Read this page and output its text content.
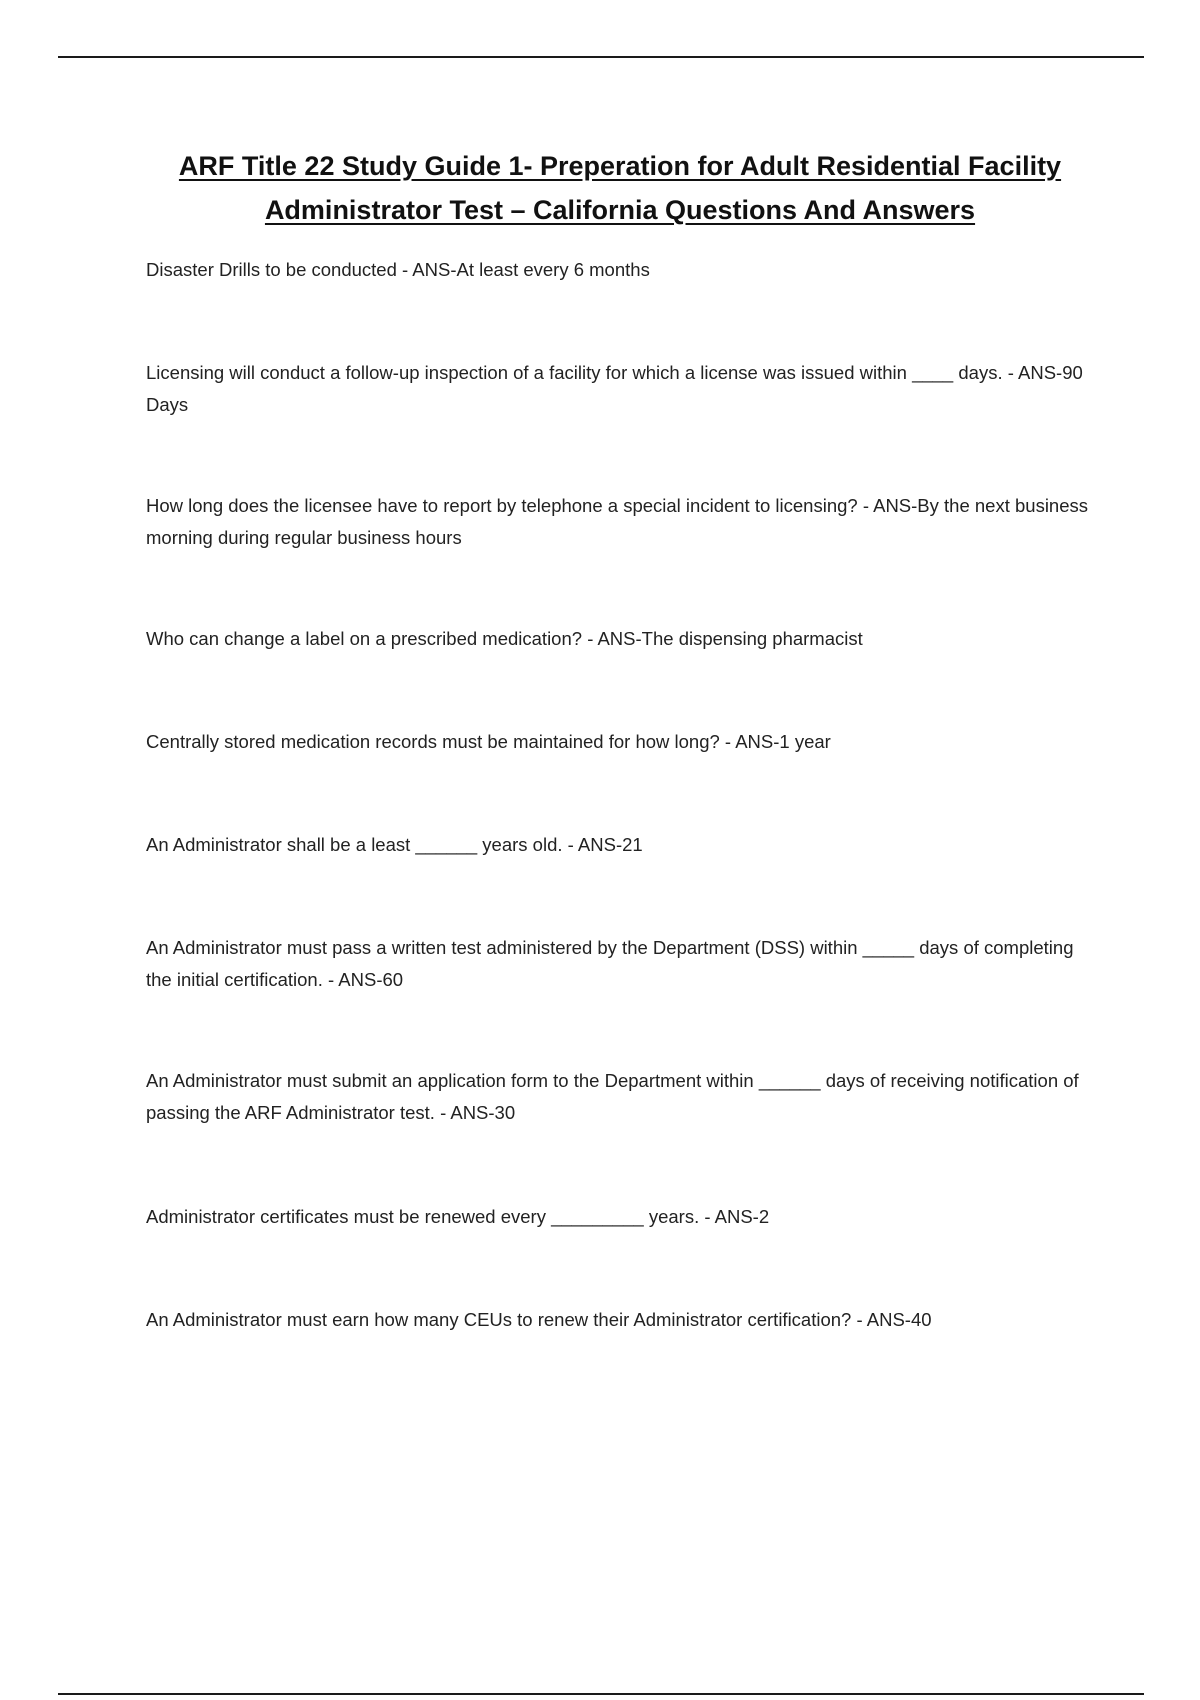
ARF Title 22 Study Guide 1- Preperation for Adult Residential Facility
Administrator Test – California Questions And Answers

Disaster Drills to be conducted - ANS-At least every 6 months

Licensing will conduct a follow-up inspection of a facility for which a license was issued within ____ days. - ANS-90 Days

How long does the licensee have to report by telephone a special incident to licensing? - ANS-By the next business morning during regular business hours

Who can change a label on a prescribed medication? - ANS-The dispensing pharmacist

Centrally stored medication records must be maintained for how long? - ANS-1 year

An Administrator shall be a least ______ years old. - ANS-21

An Administrator must pass a written test administered by the Department (DSS) within _____ days of completing the initial certification. - ANS-60

An Administrator must submit an application form to the Department within ______ days of receiving notification of passing the ARF Administrator test. - ANS-30

Administrator certificates must be renewed every _________ years. - ANS-2

An Administrator must earn how many CEUs to renew their Administrator certification? - ANS-40
